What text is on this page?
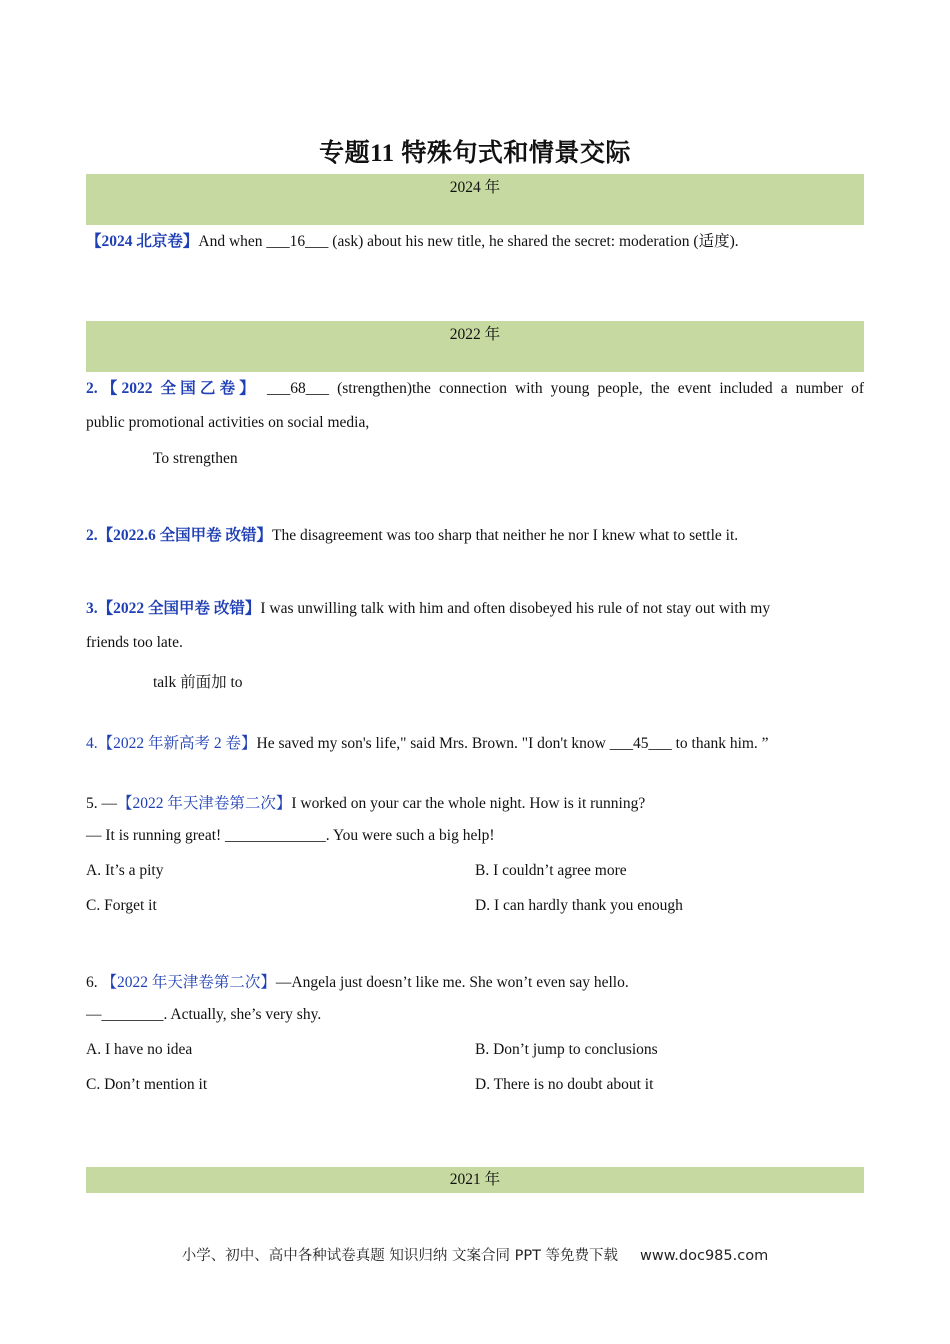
专题11 特殊句式和情景交际
2024 年
【2024 北京卷】And when ___16___ (ask) about his new title, he shared the secret: moderation (适度).
2022 年
2.【2022 全国乙卷】 ___68___ (strengthen)the connection with young people, the event included a number of
public promotional activities on social media,
To strengthen
2.【2022.6 全国甲卷 改错】The disagreement was too sharp that neither he nor I knew what to settle it.
3.【2022 全国甲卷 改错】I was unwilling talk with him and often disobeyed his rule of not stay out with my
friends too late.
talk 前面加 to
4.【2022 年新高考 2 卷】He saved my son's life," said Mrs. Brown. "I don't know ___45___ to thank him. ”
5. —【2022 年天津卷第二次】I worked on your car the whole night. How is it running?
— It is running great! _____________. You were such a big help!
A. It’s a pity	B. I couldn’t agree more
C. Forget it	D. I can hardly thank you enough
6. 【2022 年天津卷第二次】—Angela just doesn’t like me. She won’t even say hello.
—________. Actually, she’s very shy.
A. I have no idea	B. Don’t jump to conclusions
C. Don’t mention it	D. There is no doubt about it
2021 年
小学、初中、高中各种试卷真题 知识归纳 文案合同 PPT 等免费下载 www.doc985.com
